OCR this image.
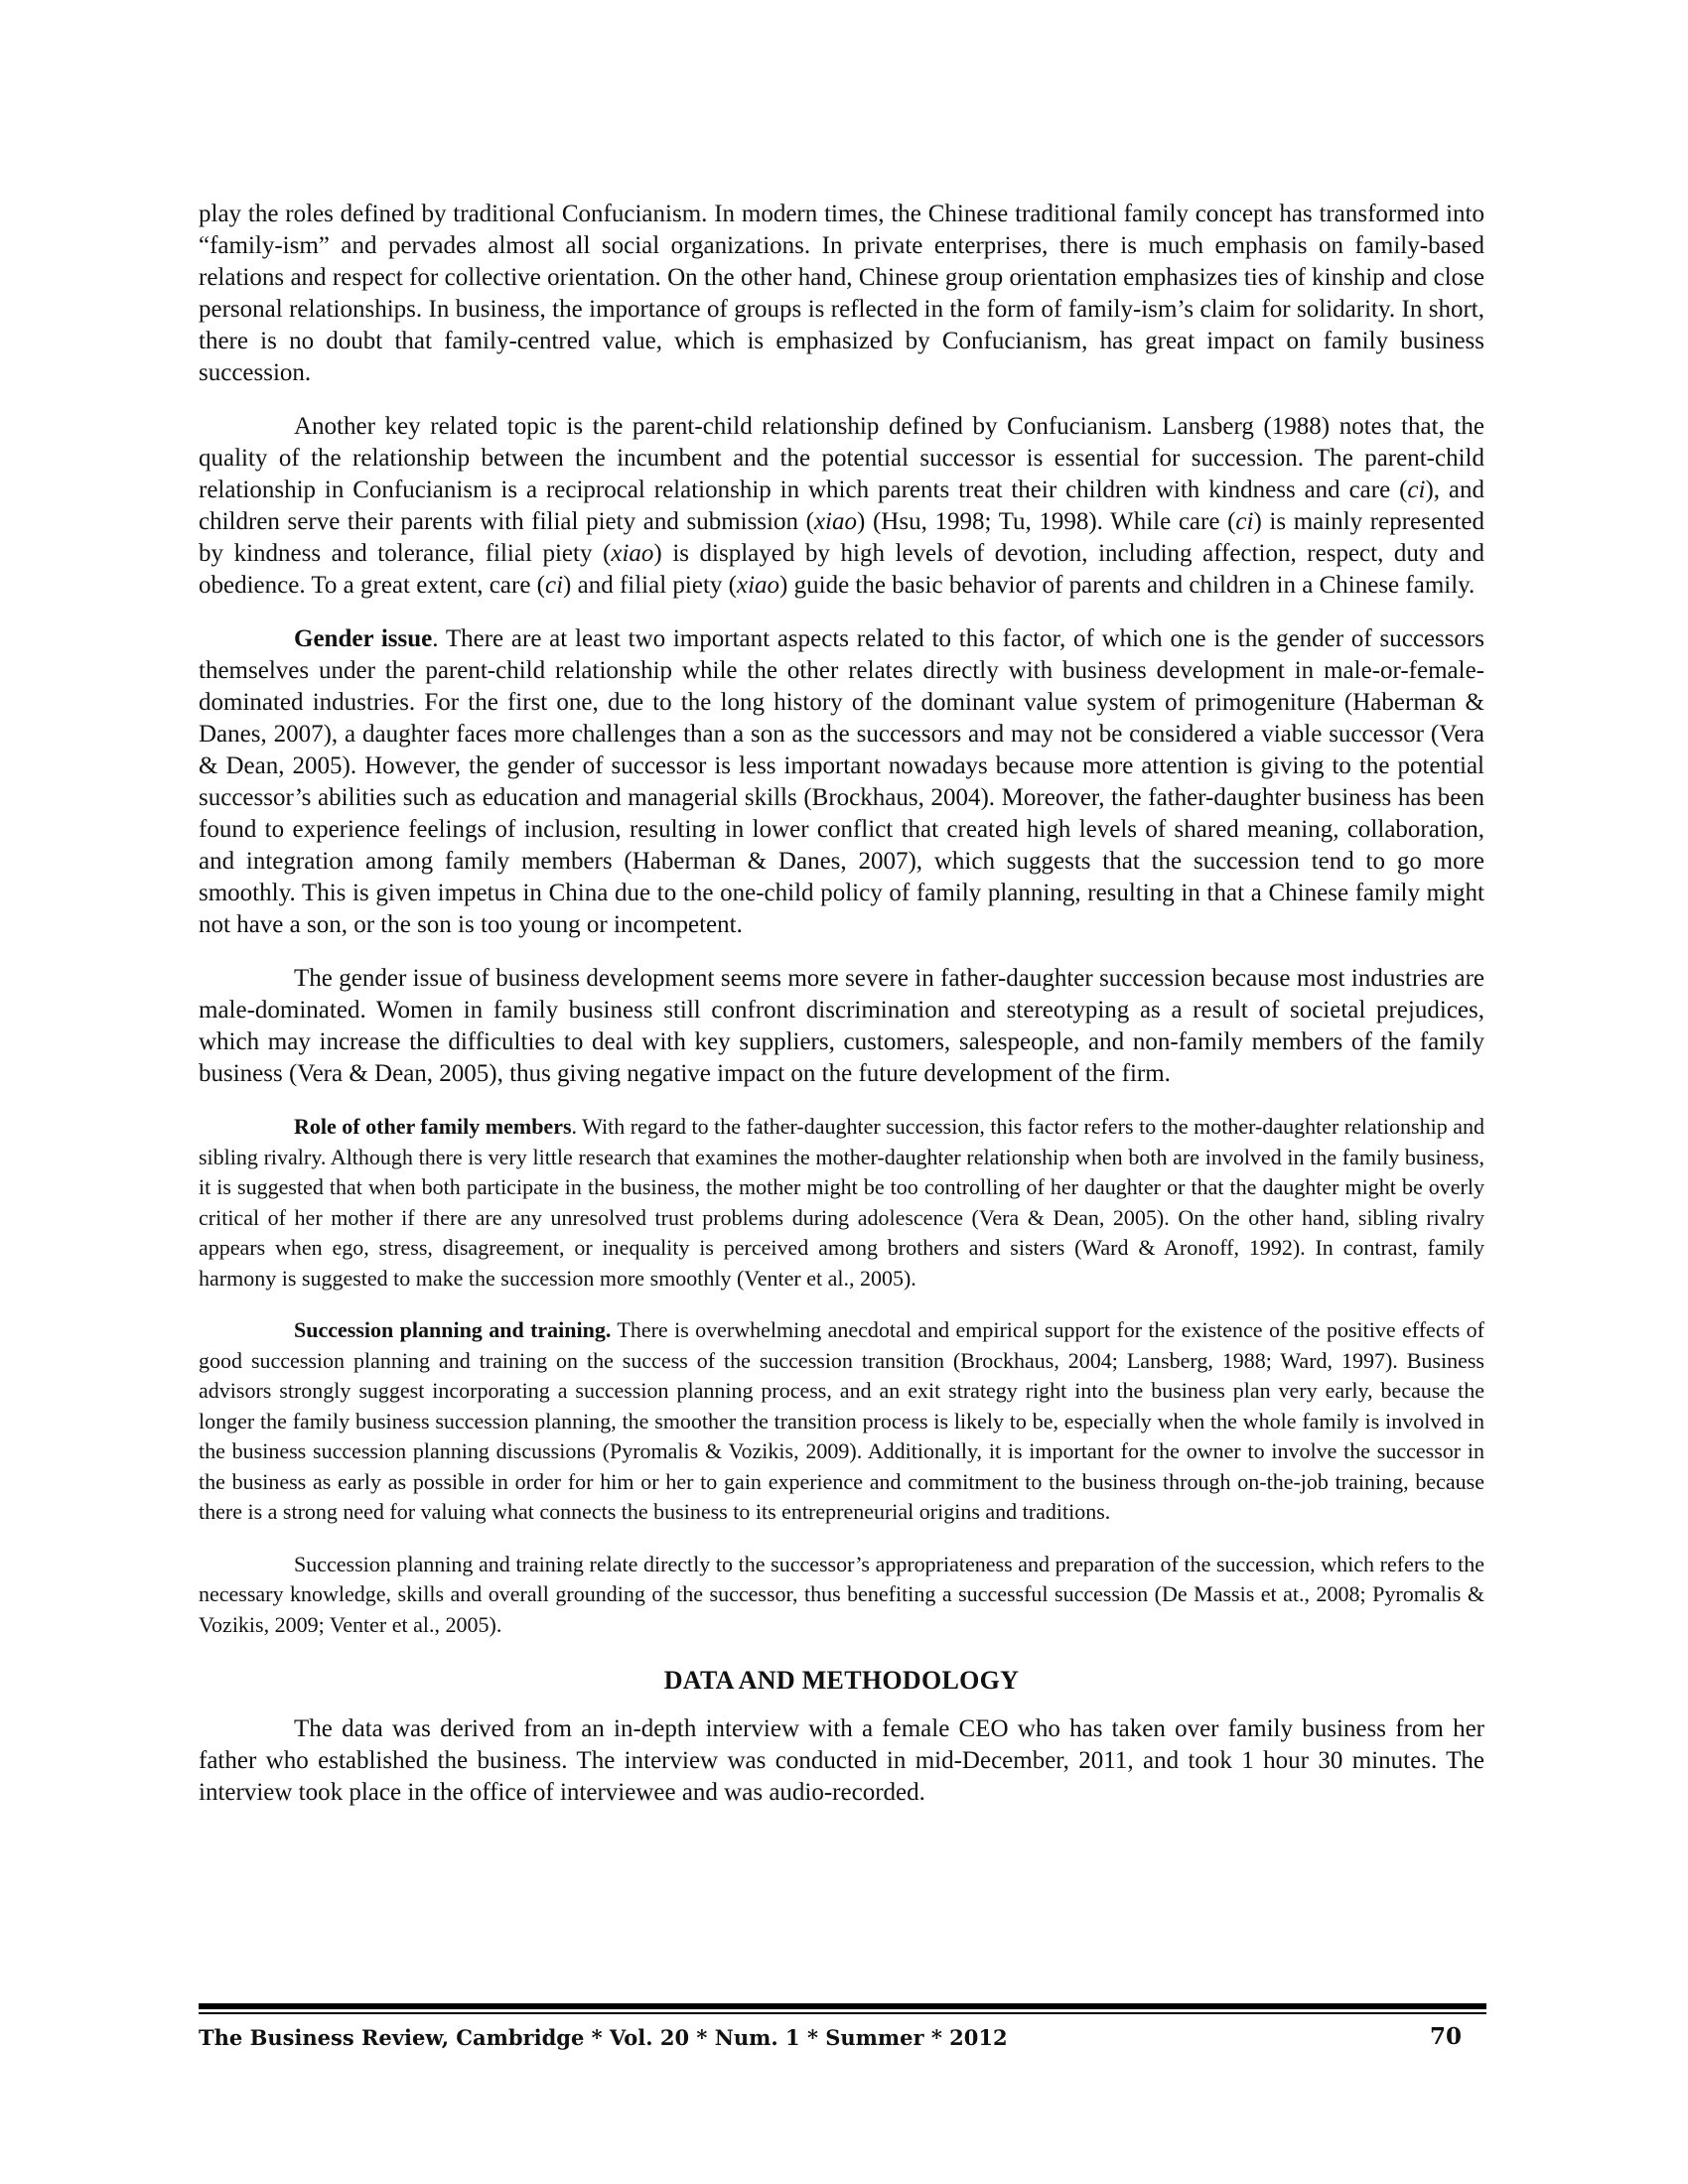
play the roles defined by traditional Confucianism. In modern times, the Chinese traditional family concept has transformed into “family-ism” and pervades almost all social organizations. In private enterprises, there is much emphasis on family-based relations and respect for collective orientation. On the other hand, Chinese group orientation emphasizes ties of kinship and close personal relationships. In business, the importance of groups is reflected in the form of family-ism’s claim for solidarity. In short, there is no doubt that family-centred value, which is emphasized by Confucianism, has great impact on family business succession.

Another key related topic is the parent-child relationship defined by Confucianism. Lansberg (1988) notes that, the quality of the relationship between the incumbent and the potential successor is essential for succession. The parent-child relationship in Confucianism is a reciprocal relationship in which parents treat their children with kindness and care (ci), and children serve their parents with filial piety and submission (xiao) (Hsu, 1998; Tu, 1998). While care (ci) is mainly represented by kindness and tolerance, filial piety (xiao) is displayed by high levels of devotion, including affection, respect, duty and obedience. To a great extent, care (ci) and filial piety (xiao) guide the basic behavior of parents and children in a Chinese family.

Gender issue. There are at least two important aspects related to this factor, of which one is the gender of successors themselves under the parent-child relationship while the other relates directly with business development in male-or-female-dominated industries. For the first one, due to the long history of the dominant value system of primogeniture (Haberman & Danes, 2007), a daughter faces more challenges than a son as the successors and may not be considered a viable successor (Vera & Dean, 2005). However, the gender of successor is less important nowadays because more attention is giving to the potential successor’s abilities such as education and managerial skills (Brockhaus, 2004). Moreover, the father-daughter business has been found to experience feelings of inclusion, resulting in lower conflict that created high levels of shared meaning, collaboration, and integration among family members (Haberman & Danes, 2007), which suggests that the succession tend to go more smoothly. This is given impetus in China due to the one-child policy of family planning, resulting in that a Chinese family might not have a son, or the son is too young or incompetent.

The gender issue of business development seems more severe in father-daughter succession because most industries are male-dominated. Women in family business still confront discrimination and stereotyping as a result of societal prejudices, which may increase the difficulties to deal with key suppliers, customers, salespeople, and non-family members of the family business (Vera & Dean, 2005), thus giving negative impact on the future development of the firm.

Role of other family members. With regard to the father-daughter succession, this factor refers to the mother-daughter relationship and sibling rivalry. Although there is very little research that examines the mother-daughter relationship when both are involved in the family business, it is suggested that when both participate in the business, the mother might be too controlling of her daughter or that the daughter might be overly critical of her mother if there are any unresolved trust problems during adolescence (Vera & Dean, 2005). On the other hand, sibling rivalry appears when ego, stress, disagreement, or inequality is perceived among brothers and sisters (Ward & Aronoff, 1992). In contrast, family harmony is suggested to make the succession more smoothly (Venter et al., 2005).

Succession planning and training. There is overwhelming anecdotal and empirical support for the existence of the positive effects of good succession planning and training on the success of the succession transition (Brockhaus, 2004; Lansberg, 1988; Ward, 1997). Business advisors strongly suggest incorporating a succession planning process, and an exit strategy right into the business plan very early, because the longer the family business succession planning, the smoother the transition process is likely to be, especially when the whole family is involved in the business succession planning discussions (Pyromalis & Vozikis, 2009). Additionally, it is important for the owner to involve the successor in the business as early as possible in order for him or her to gain experience and commitment to the business through on-the-job training, because there is a strong need for valuing what connects the business to its entrepreneurial origins and traditions.

Succession planning and training relate directly to the successor’s appropriateness and preparation of the succession, which refers to the necessary knowledge, skills and overall grounding of the successor, thus benefiting a successful succession (De Massis et at., 2008; Pyromalis & Vozikis, 2009; Venter et al., 2005).

DATA AND METHODOLOGY

The data was derived from an in-depth interview with a female CEO who has taken over family business from her father who established the business. The interview was conducted in mid-December, 2011, and took 1 hour 30 minutes. The interview took place in the office of interviewee and was audio-recorded.

The Business Review, Cambridge * Vol. 20 * Num. 1 * Summer * 2012	70
